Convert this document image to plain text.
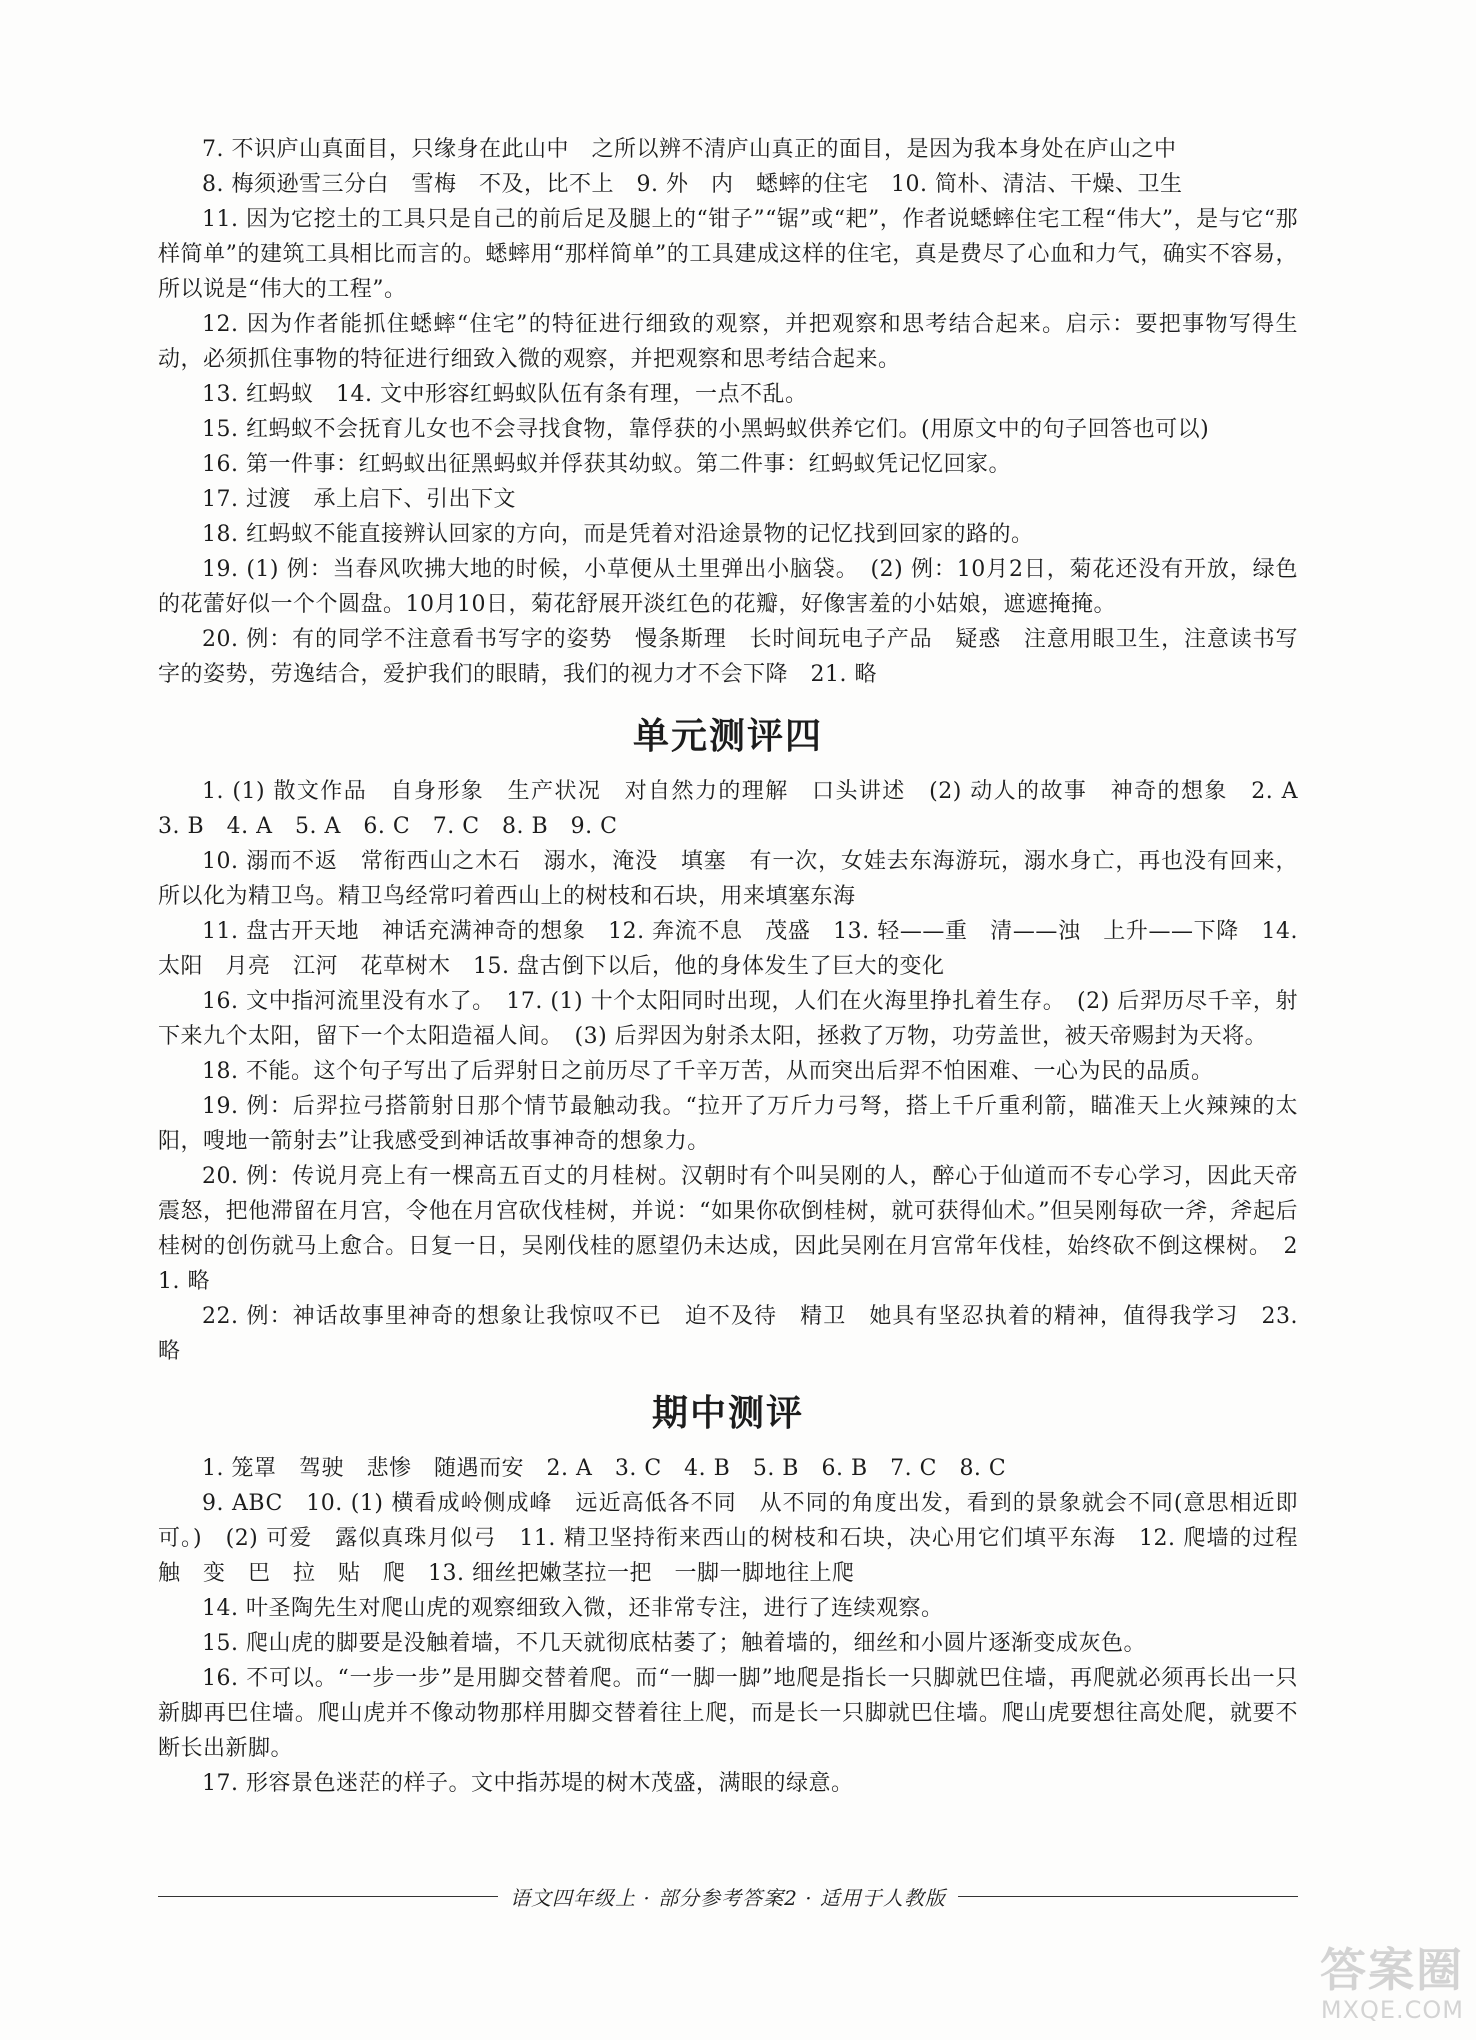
7. 不识庐山真面目，只缘身在此山中　之所以辨不清庐山真正的面目，是因为我本身处在庐山之中

8. 梅须逊雪三分白　雪梅　不及，比不上　9. 外　内　蟋蟀的住宅　10. 简朴、清洁、干燥、卫生

11. 因为它挖土的工具只是自己的前后足及腿上的“钳子”“锯”或“耙”，作者说蟋蟀住宅工程“伟大”，是与它“那样简单”的建筑工具相比而言的。蟋蟀用“那样简单”的工具建成这样的住宅，真是费尽了心血和力气，确实不容易，所以说是“伟大的工程”。

12. 因为作者能抓住蟋蟀“住宅”的特征进行细致的观察，并把观察和思考结合起来。启示：要把事物写得生动，必须抓住事物的特征进行细致入微的观察，并把观察和思考结合起来。

13. 红蚂蚁　14. 文中形容红蚂蚁队伍有条有理，一点不乱。

15. 红蚂蚁不会抚育儿女也不会寻找食物，靠俘获的小黑蚂蚁供养它们。(用原文中的句子回答也可以)

16. 第一件事：红蚂蚁出征黑蚂蚁并俘获其幼蚁。第二件事：红蚂蚁凭记忆回家。

17. 过渡　承上启下、引出下文

18. 红蚂蚁不能直接辨认回家的方向，而是凭着对沿途景物的记忆找到回家的路的。

19. (1) 例：当春风吹拂大地的时候，小草便从土里弹出小脑袋。　(2) 例：10月2日，菊花还没有开放，绿色的花蕾好似一个个圆盘。10月10日，菊花舒展开淡红色的花瓣，好像害羞的小姑娘，遮遮掩掩。

20. 例：有的同学不注意看书写字的姿势　慢条斯理　长时间玩电子产品　疑惑　注意用眼卫生，注意读书写字的姿势，劳逸结合，爱护我们的眼睛，我们的视力才不会下降　21. 略

单元测评四

1. (1) 散文作品　自身形象　生产状况　对自然力的理解　口头讲述　(2) 动人的故事　神奇的想象　2. A　3. B　4. A　5. A　6. C　7. C　8. B　9. C

10. 溺而不返　常衔西山之木石　溺水，淹没　填塞　有一次，女娃去东海游玩，溺水身亡，再也没有回来，所以化为精卫鸟。精卫鸟经常叼着西山上的树枝和石块，用来填塞东海

11. 盘古开天地　神话充满神奇的想象　12. 奔流不息　茂盛　13. 轻——重　清——浊　上升——下降　14. 太阳　月亮　江河　花草树木　15. 盘古倒下以后，他的身体发生了巨大的变化

16. 文中指河流里没有水了。　17. (1) 十个太阳同时出现，人们在火海里挣扎着生存。　(2) 后羿历尽千辛，射下来九个太阳，留下一个太阳造福人间。　(3) 后羿因为射杀太阳，拯救了万物，功劳盖世，被天帝赐封为天将。

18. 不能。这个句子写出了后羿射日之前历尽了千辛万苦，从而突出后羿不怕困难、一心为民的品质。

19. 例：后羿拉弓搭箭射日那个情节最触动我。“拉开了万斤力弓弩，搭上千斤重利箭，瞄准天上火辣辣的太阳，嗖地一箭射去”让我感受到神话故事神奇的想象力。

20. 例：传说月亮上有一棵高五百丈的月桂树。汉朝时有个叫吴刚的人，醉心于仙道而不专心学习，因此天帝震怒，把他滞留在月宫，令他在月宫砍伐桂树，并说：“如果你砍倒桂树，就可获得仙术。”但吴刚每砍一斧，斧起后桂树的创伤就马上愈合。日复一日，吴刚伐桂的愿望仍未达成，因此吴刚在月宫常年伐桂，始终砍不倒这棵树。　21. 略

22. 例：神话故事里神奇的想象让我惊叹不已　迫不及待　精卫　她具有坚忍执着的精神，值得我学习　23. 略

期中测评

1. 笼罩　驾驶　悲惨　随遇而安　2. A　3. C　4. B　5. B　6. B　7. C　8. C

9. ABC　10. (1) 横看成岭侧成峰　远近高低各不同　从不同的角度出发，看到的景象就会不同(意思相近即可。)　(2) 可爱　露似真珠月似弓　11. 精卫坚持衔来西山的树枝和石块，决心用它们填平东海　12. 爬墙的过程　触　变　巴　拉　贴　爬　13. 细丝把嫩茎拉一把　一脚一脚地往上爬

14. 叶圣陶先生对爬山虎的观察细致入微，还非常专注，进行了连续观察。

15. 爬山虎的脚要是没触着墙，不几天就彻底枯萎了；触着墙的，细丝和小圆片逐渐变成灰色。

16. 不可以。“一步一步”是用脚交替着爬。而“一脚一脚”地爬是指长一只脚就巴住墙，再爬就必须再长出一只新脚再巴住墙。爬山虎并不像动物那样用脚交替着往上爬，而是长一只脚就巴住墙。爬山虎要想往高处爬，就要不断长出新脚。

17. 形容景色迷茫的样子。文中指苏堤的树木茂盛，满眼的绿意。

语文四年级上 · 部分参考答案2 · 适用于人教版
答案圈
MXQE.COM
